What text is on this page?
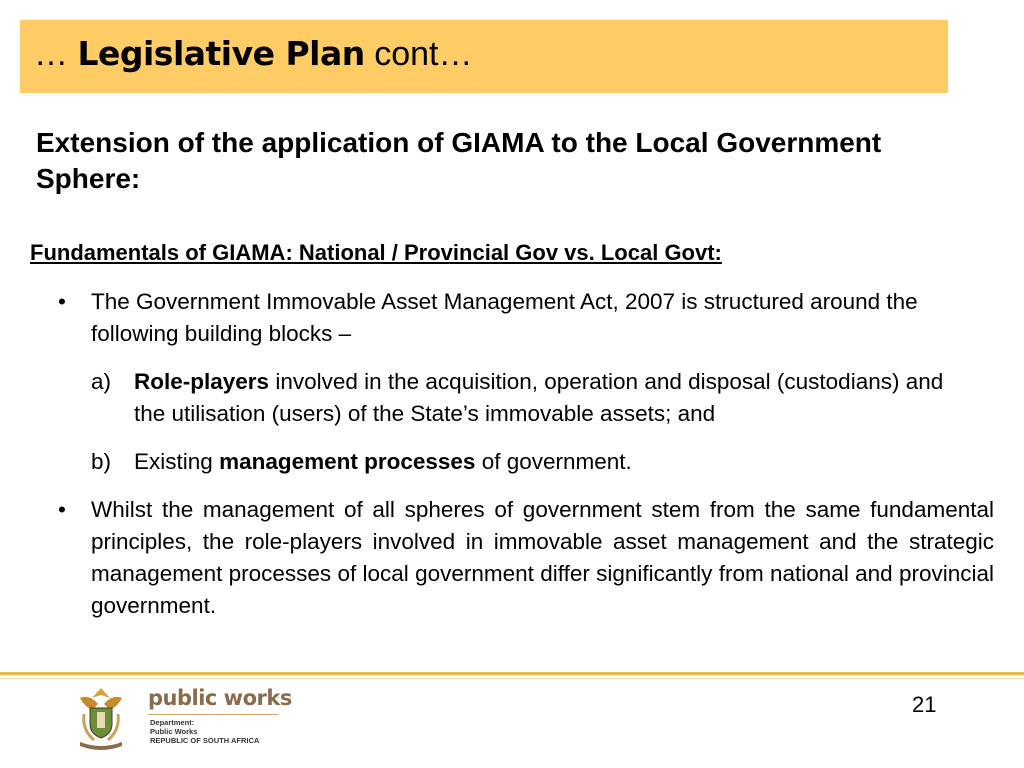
… Legislative Plan cont…
Extension of the application of GIAMA to the Local Government Sphere:
Fundamentals of GIAMA: National / Provincial Gov vs. Local Govt:
• The Government Immovable Asset Management Act, 2007 is structured around the following building blocks –
a) Role-players involved in the acquisition, operation and disposal (custodians) and the utilisation (users) of the State’s immovable assets; and
b) Existing management processes of government.
• Whilst the management of all spheres of government stem from the same fundamental principles, the role-players involved in immovable asset management and the strategic management processes of local government differ significantly from national and provincial government.
public works
Department:
Public Works
REPUBLIC OF SOUTH AFRICA
21
